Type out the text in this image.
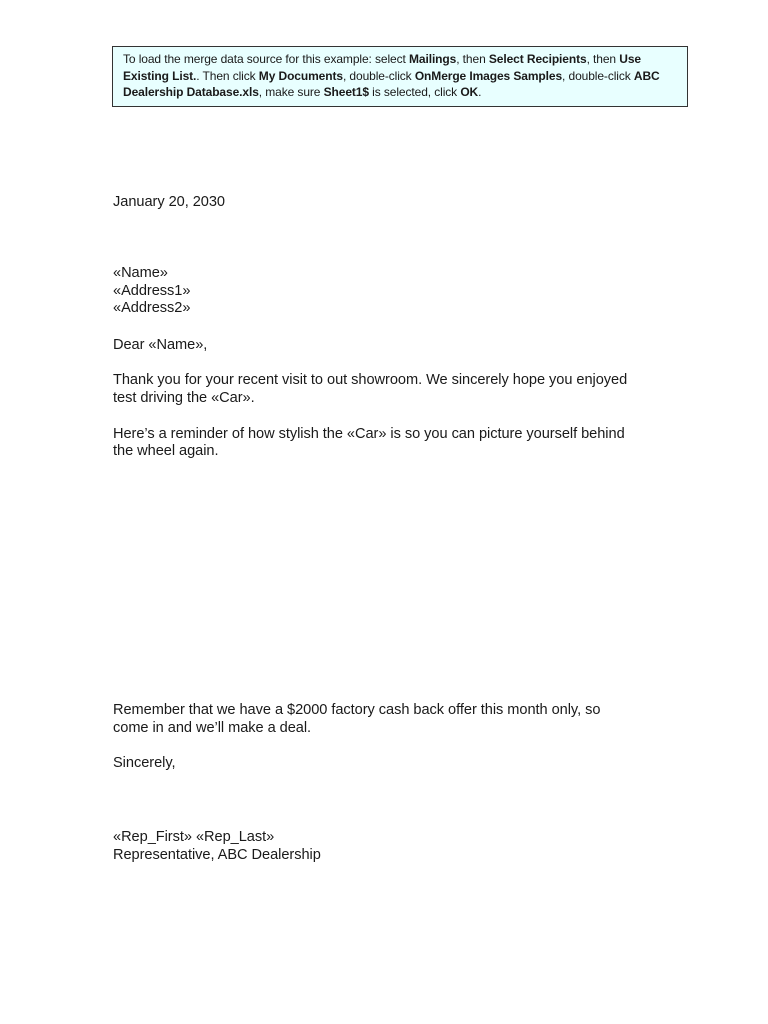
To load the merge data source for this example: select Mailings, then Select Recipients, then Use Existing List.. Then click My Documents, double-click OnMerge Images Samples, double-click ABC Dealership Database.xls, make sure Sheet1$ is selected, click OK.
January 20, 2030
«Name»
«Address1»
«Address2»
Dear «Name»,
Thank you for your recent visit to out showroom. We sincerely hope you enjoyed
test driving the «Car».
Here’s a reminder of how stylish the «Car» is so you can picture yourself behind
the wheel again.
Remember that we have a $2000 factory cash back offer this month only, so
come in and we’ll make a deal.
Sincerely,
«Rep_First» «Rep_Last»
Representative, ABC Dealership
